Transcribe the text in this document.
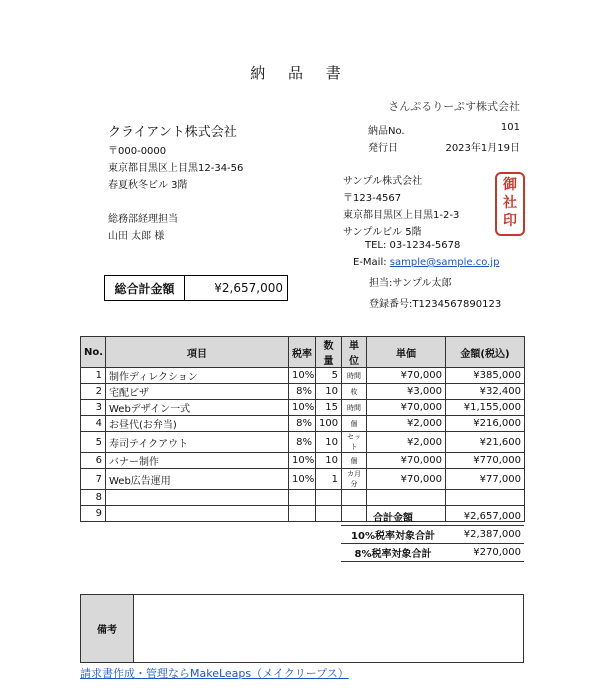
納 品 書
さんぷるりーぷす株式会社
クライアント株式会社
〒000-0000
東京都目黒区上目黒12-34-56
春夏秋冬ビル 3階
総務部経理担当
山田 太郎 様
納品No.	101
発行日	2023年1月19日
サンプル株式会社
〒123-4567
東京都目黒区上目黒1-2-3
サンプルビル 5階
TEL: 03-1234-5678
E-Mail: sample@sample.co.jp
担当:サンプル太郎
登録番号:T1234567890123
御
社
印
総合計金額	¥2,657,000
No.	項目	税率	数量	単位	単価	金額(税込)
1	制作ディレクション	10%	5	時間	¥70,000	¥385,000
2	宅配ピザ	8%	10	枚	¥3,000	¥32,400
3	Webデザイン一式	10%	15	時間	¥70,000	¥1,155,000
4	お昼代(お弁当)	8%	100	個	¥2,000	¥216,000
5	寿司テイクアウト	8%	10	セット	¥2,000	¥21,600
6	バナー制作	10%	10	個	¥70,000	¥770,000
7	Web広告運用	10%	1	カ月分	¥70,000	¥77,000
8						
9							合計金額	¥2,657,000
10%税率対象合計	¥2,387,000
8%税率対象合計	¥270,000
備考
請求書作成・管理ならMakeLeaps（メイクリープス）
